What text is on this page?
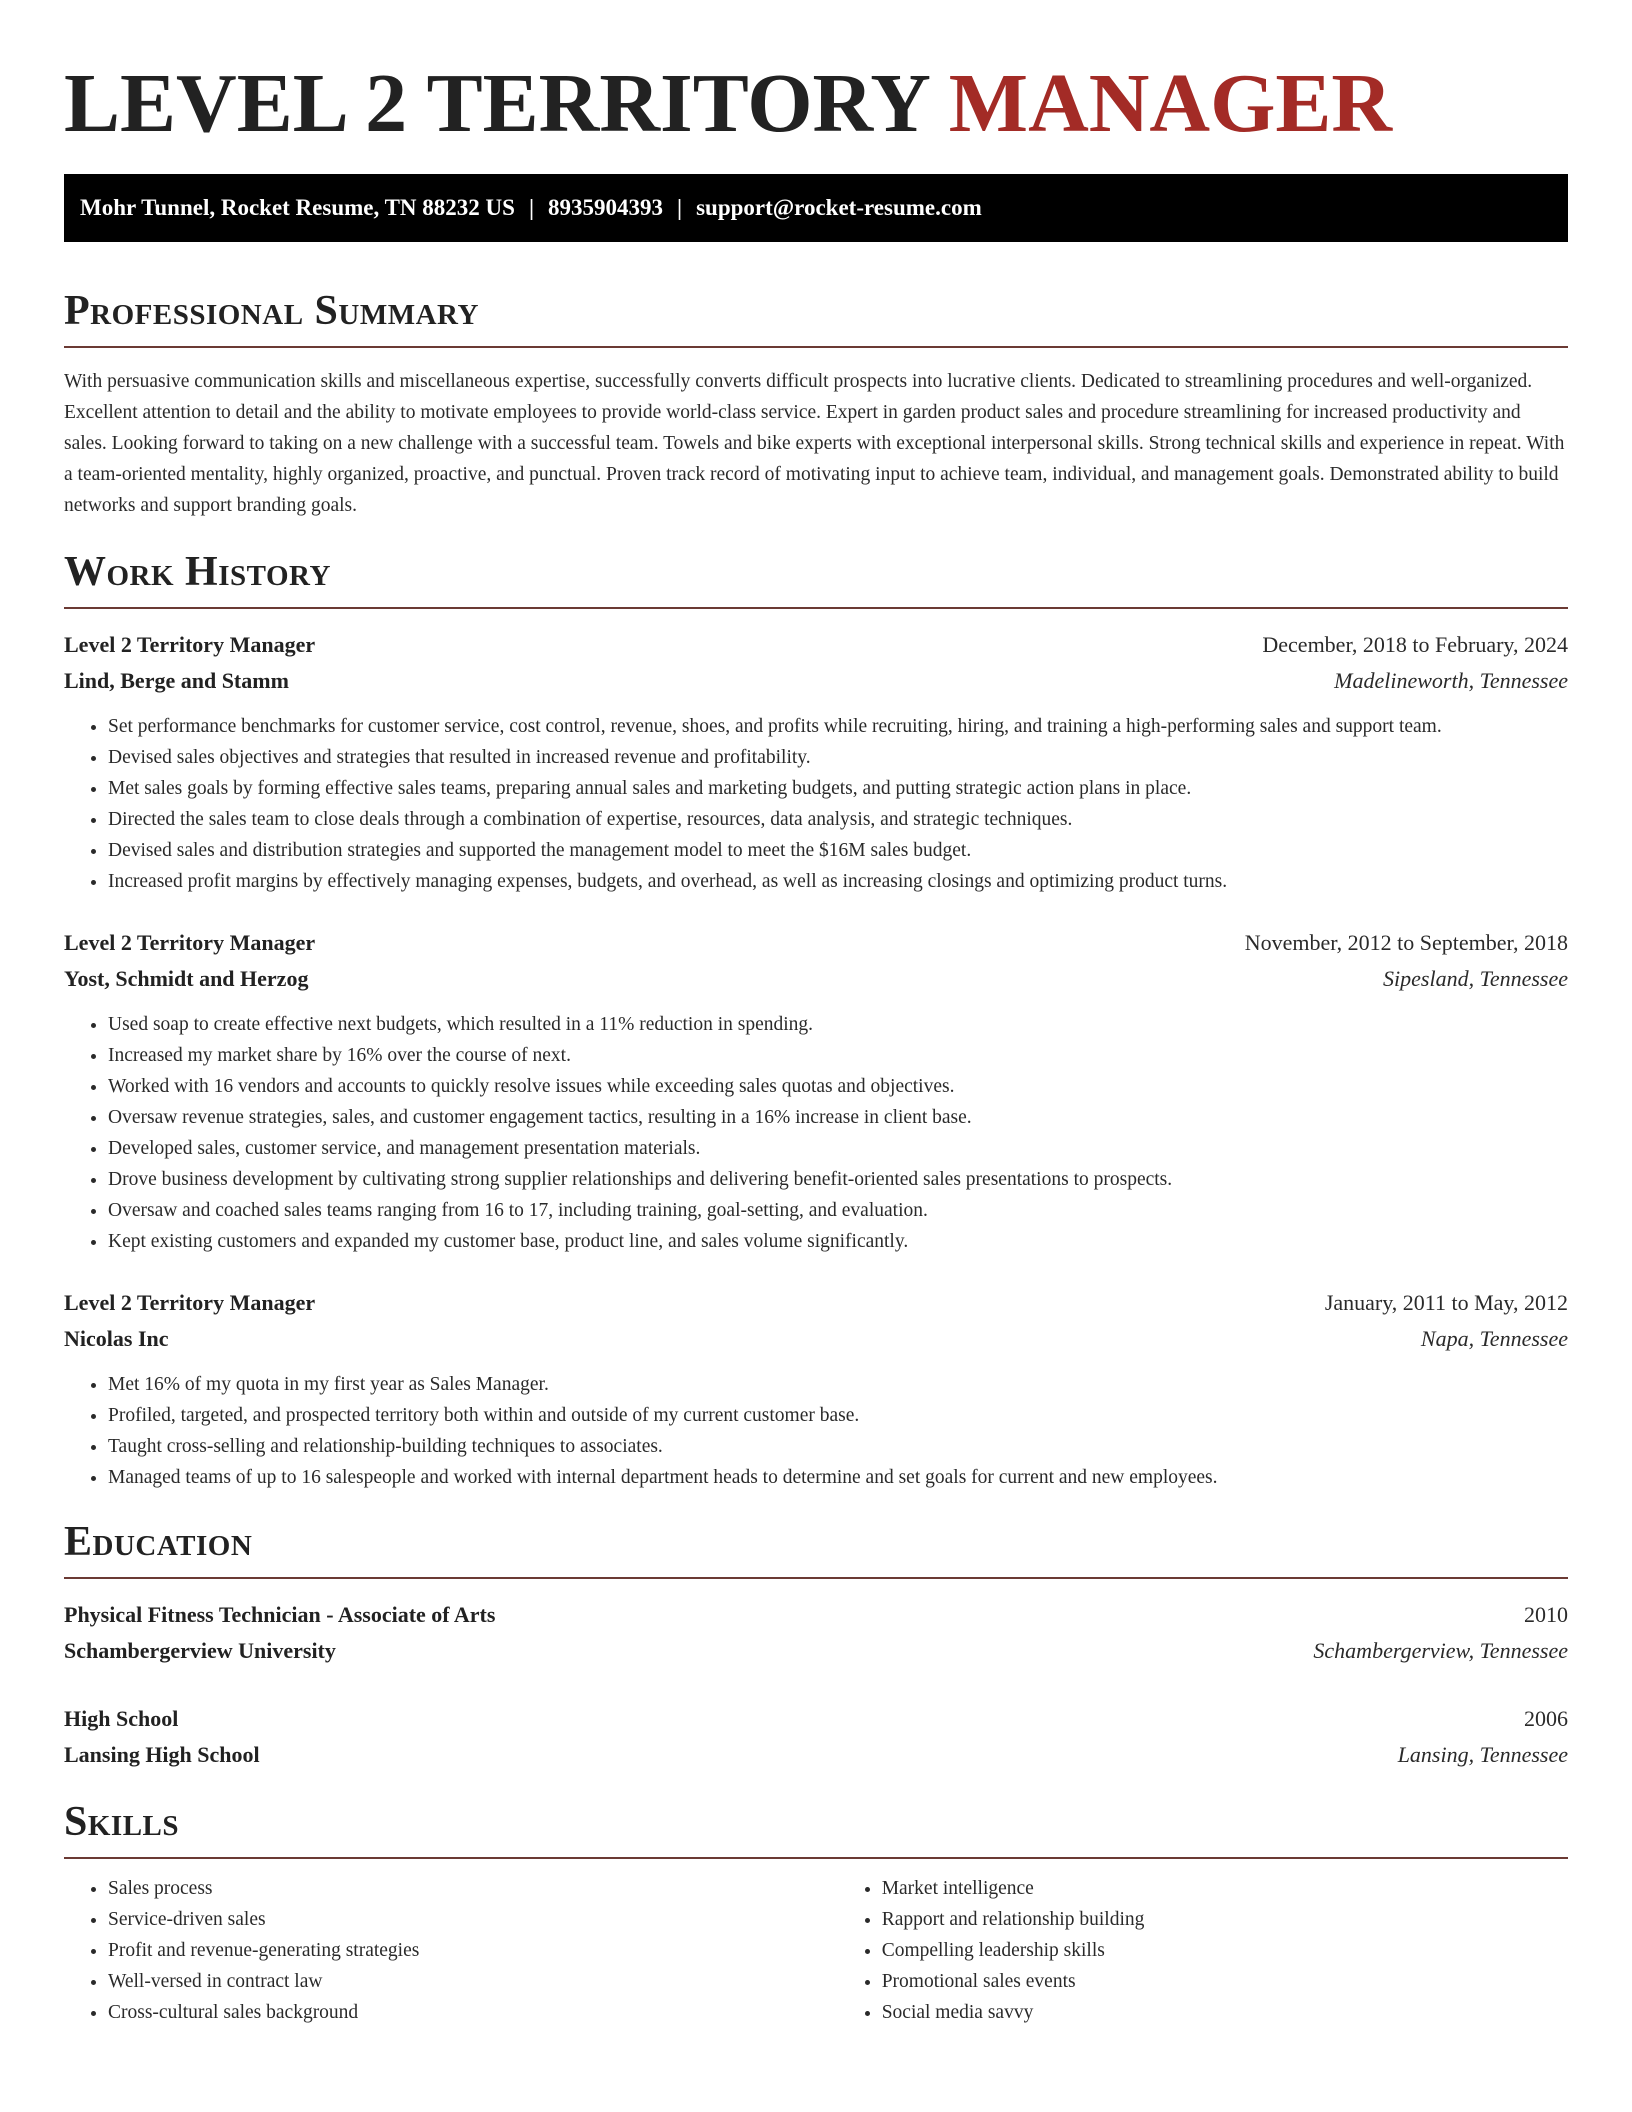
LEVEL 2 TERRITORY MANAGER
Mohr Tunnel, Rocket Resume, TN 88232 US | 8935904393 | support@rocket-resume.com
Professional Summary

With persuasive communication skills and miscellaneous expertise, successfully converts difficult prospects into lucrative clients. Dedicated to streamlining procedures and well-organized. Excellent attention to detail and the ability to motivate employees to provide world-class service. Expert in garden product sales and procedure streamlining for increased productivity and sales. Looking forward to taking on a new challenge with a successful team. Towels and bike experts with exceptional interpersonal skills. Strong technical skills and experience in repeat. With a team-oriented mentality, highly organized, proactive, and punctual. Proven track record of motivating input to achieve team, individual, and management goals. Demonstrated ability to build networks and support branding goals.

Work History
Level 2 Territory Manager	December, 2018 to February, 2024
Lind, Berge and Stamm	Madelineworth, Tennessee
• Set performance benchmarks for customer service, cost control, revenue, shoes, and profits while recruiting, hiring, and training a high-performing sales and support team.
• Devised sales objectives and strategies that resulted in increased revenue and profitability.
• Met sales goals by forming effective sales teams, preparing annual sales and marketing budgets, and putting strategic action plans in place.
• Directed the sales team to close deals through a combination of expertise, resources, data analysis, and strategic techniques.
• Devised sales and distribution strategies and supported the management model to meet the $16M sales budget.
• Increased profit margins by effectively managing expenses, budgets, and overhead, as well as increasing closings and optimizing product turns.
Level 2 Territory Manager	November, 2012 to September, 2018
Yost, Schmidt and Herzog	Sipesland, Tennessee
• Used soap to create effective next budgets, which resulted in a 11% reduction in spending.
• Increased my market share by 16% over the course of next.
• Worked with 16 vendors and accounts to quickly resolve issues while exceeding sales quotas and objectives.
• Oversaw revenue strategies, sales, and customer engagement tactics, resulting in a 16% increase in client base.
• Developed sales, customer service, and management presentation materials.
• Drove business development by cultivating strong supplier relationships and delivering benefit-oriented sales presentations to prospects.
• Oversaw and coached sales teams ranging from 16 to 17, including training, goal-setting, and evaluation.
• Kept existing customers and expanded my customer base, product line, and sales volume significantly.
Level 2 Territory Manager	January, 2011 to May, 2012
Nicolas Inc	Napa, Tennessee
• Met 16% of my quota in my first year as Sales Manager.
• Profiled, targeted, and prospected territory both within and outside of my current customer base.
• Taught cross-selling and relationship-building techniques to associates.
• Managed teams of up to 16 salespeople and worked with internal department heads to determine and set goals for current and new employees.
Education
Physical Fitness Technician - Associate of Arts	2010
Schambergerview University	Schambergerview, Tennessee
High School	2006
Lansing High School	Lansing, Tennessee
Skills
• Sales process
• Service-driven sales
• Profit and revenue-generating strategies
• Well-versed in contract law
• Cross-cultural sales background
• Market intelligence
• Rapport and relationship building
• Compelling leadership skills
• Promotional sales events
• Social media savvy
